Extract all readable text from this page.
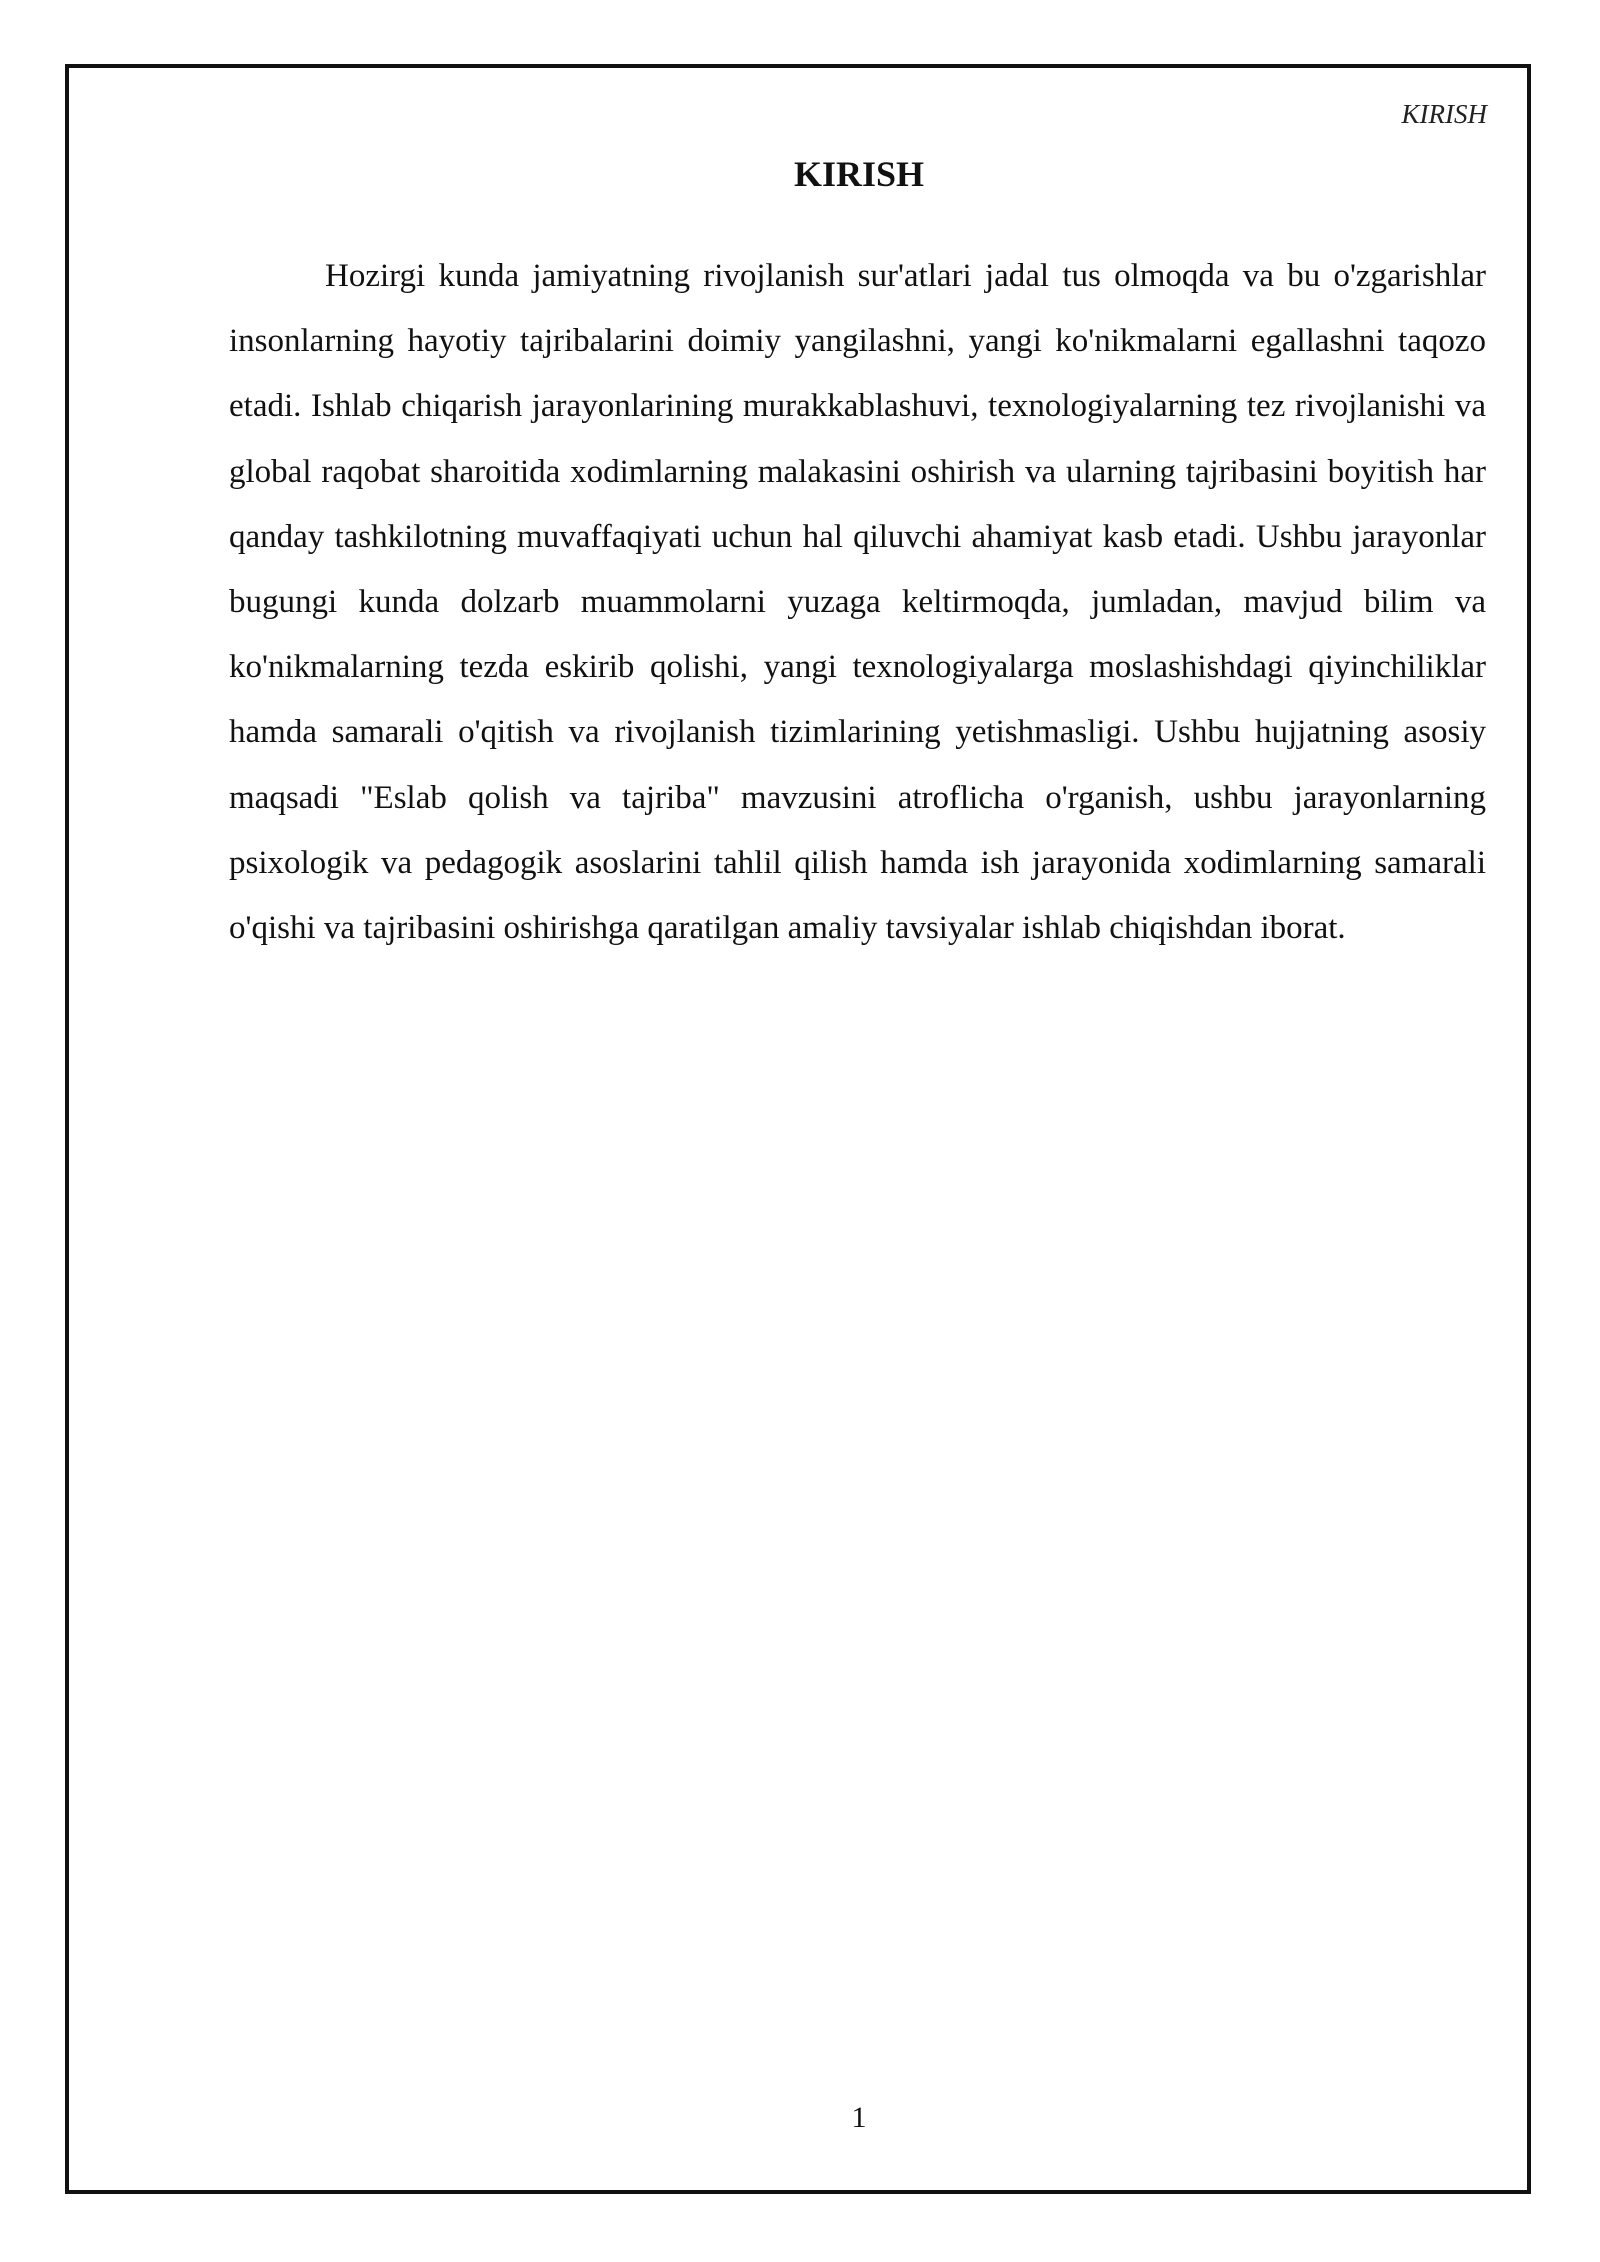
KIRISH
KIRISH

Hozirgi kunda jamiyatning rivojlanish sur'atlari jadal tus olmoqda va bu o'zgarishlar insonlarning hayotiy tajribalarini doimiy yangilashni, yangi ko'nikmalarni egallashni taqozo etadi. Ishlab chiqarish jarayonlarining murakkablashuvi, texnologiyalarning tez rivojlanishi va global raqobat sharoitida xodimlarning malakasini oshirish va ularning tajribasini boyitish har qanday tashkilotning muvaffaqiyati uchun hal qiluvchi ahamiyat kasb etadi. Ushbu jarayonlar bugungi kunda dolzarb muammolarni yuzaga keltirmoqda, jumladan, mavjud bilim va ko'nikmalarning tezda eskirib qolishi, yangi texnologiyalarga moslashishdagi qiyinchiliklar hamda samarali o'qitish va rivojlanish tizimlarining yetishmasligi. Ushbu hujjatning asosiy maqsadi "Eslab qolish va tajriba" mavzusini atroflicha o'rganish, ushbu jarayonlarning psixologik va pedagogik asoslarini tahlil qilish hamda ish jarayonida xodimlarning samarali o'qishi va tajribasini oshirishga qaratilgan amaliy tavsiyalar ishlab chiqishdan iborat.

1
